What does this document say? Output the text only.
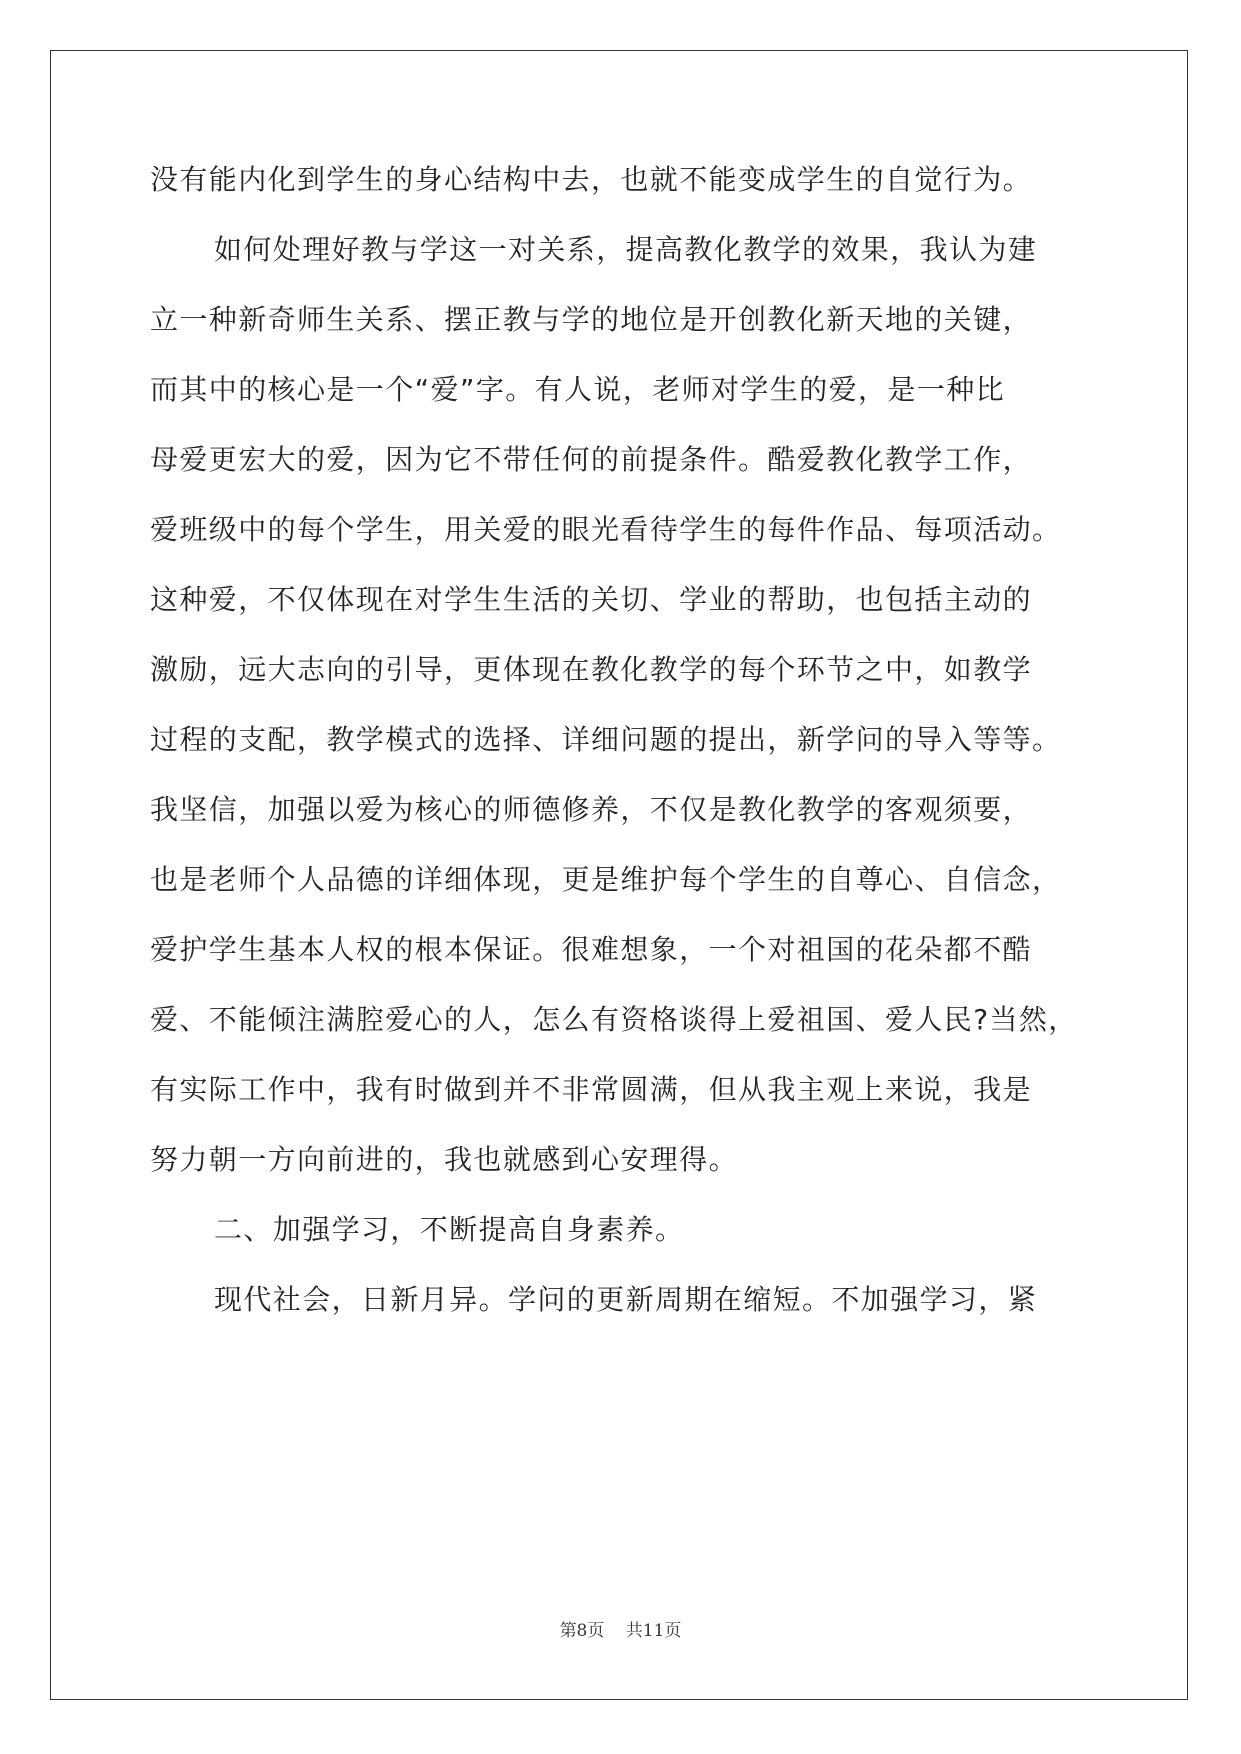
没有能内化到学生的身心结构中去，也就不能变成学生的自觉行为。
如何处理好教与学这一对关系，提高教化教学的效果，我认为建
立一种新奇师生关系、摆正教与学的地位是开创教化新天地的关键，
而其中的核心是一个“爱”字。有人说，老师对学生的爱，是一种比
母爱更宏大的爱，因为它不带任何的前提条件。酷爱教化教学工作，
爱班级中的每个学生，用关爱的眼光看待学生的每件作品、每项活动。
这种爱，不仅体现在对学生生活的关切、学业的帮助，也包括主动的
激励，远大志向的引导，更体现在教化教学的每个环节之中，如教学
过程的支配，教学模式的选择、详细问题的提出，新学问的导入等等。
我坚信，加强以爱为核心的师德修养，不仅是教化教学的客观须要，
也是老师个人品德的详细体现，更是维护每个学生的自尊心、自信念，
爱护学生基本人权的根本保证。很难想象，一个对祖国的花朵都不酷
爱、不能倾注满腔爱心的人，怎么有资格谈得上爱祖国、爱人民?当然，
有实际工作中，我有时做到并不非常圆满，但从我主观上来说，我是
努力朝一方向前进的，我也就感到心安理得。
二、加强学习，不断提高自身素养。
现代社会，日新月异。学问的更新周期在缩短。不加强学习，紧
第8页 共11页
